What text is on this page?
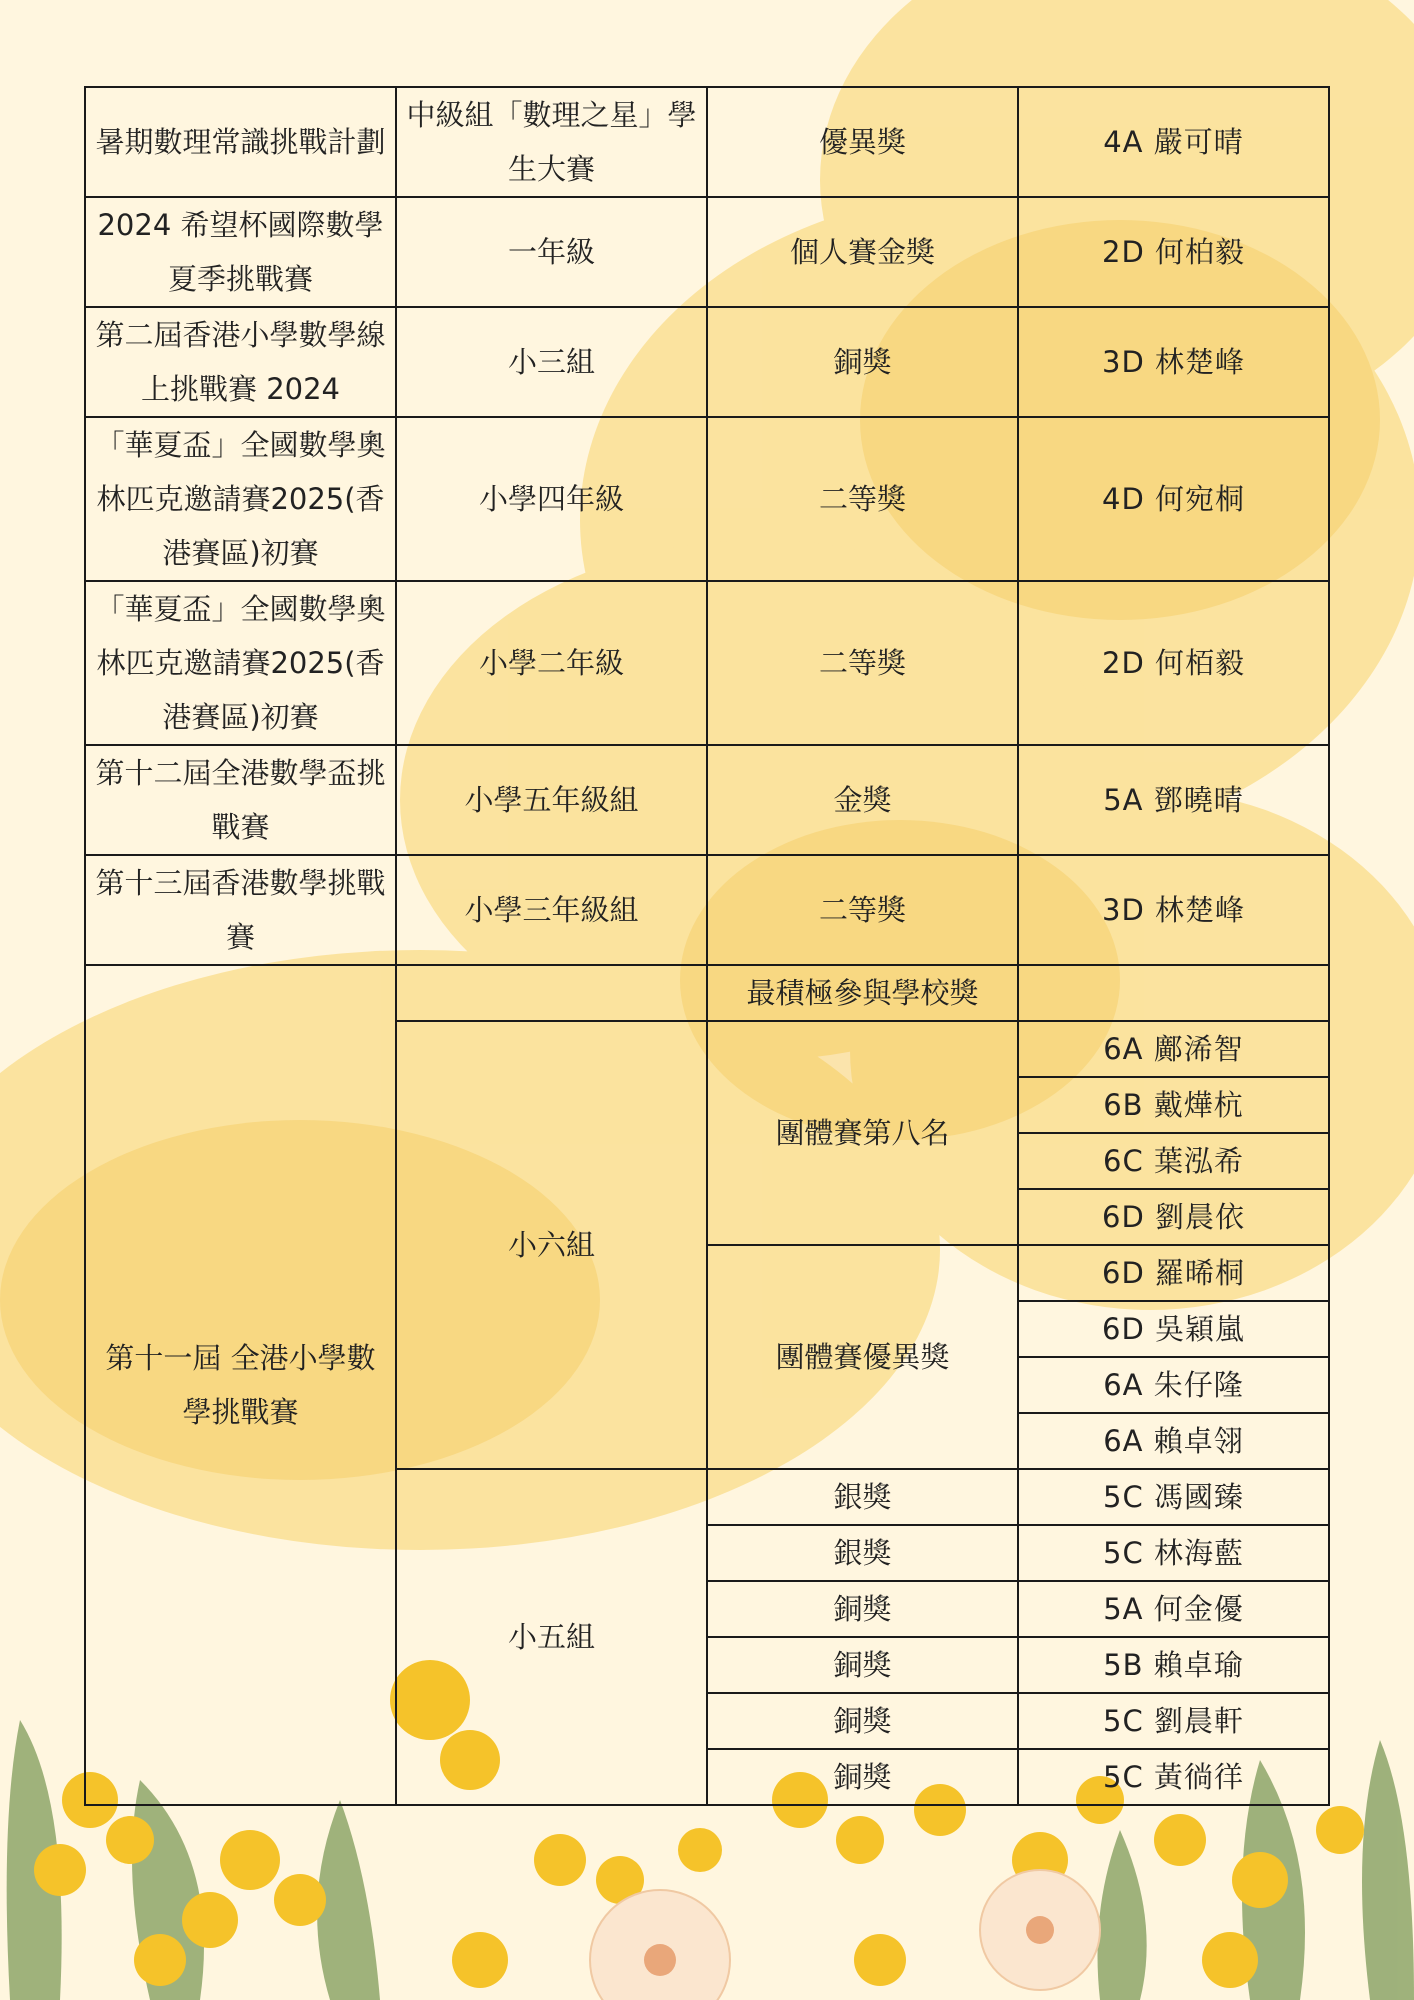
暑期數理常識挑戰計劃	中級組「數理之星」學生大賽	優異獎	4A 嚴可晴
2024 希望杯國際數學夏季挑戰賽	一年級	個人賽金獎	2D 何柏毅
第二屆香港小學數學線上挑戰賽 2024	小三組	銅獎	3D 林楚峰
「華夏盃」全國數學奧林匹克邀請賽2025(香港賽區)初賽	小學四年級	二等獎	4D 何宛桐
「華夏盃」全國數學奧林匹克邀請賽2025(香港賽區)初賽	小學二年級	二等獎	2D 何栢毅
第十二屆全港數學盃挑戰賽	小學五年級組	金獎	5A 鄧曉晴
第十三屆香港數學挑戰賽	小學三年級組	二等獎	3D 林楚峰
第十一屆 全港小學數學挑戰賽		最積極參與學校獎	
	小六組	團體賽第八名	6A 鄺浠智
			6B 戴燁杭
			6C 葉泓希
			6D 劉晨依
		團體賽優異獎	6D 羅晞桐
			6D 吳穎嵐
			6A 朱仔隆
			6A 賴卓翎
	小五組	銀獎	5C 馮國臻
		銀獎	5C 林海藍
		銅獎	5A 何金優
		銅獎	5B 賴卓瑜
		銅獎	5C 劉晨軒
		銅獎	5C 黃徜徉
